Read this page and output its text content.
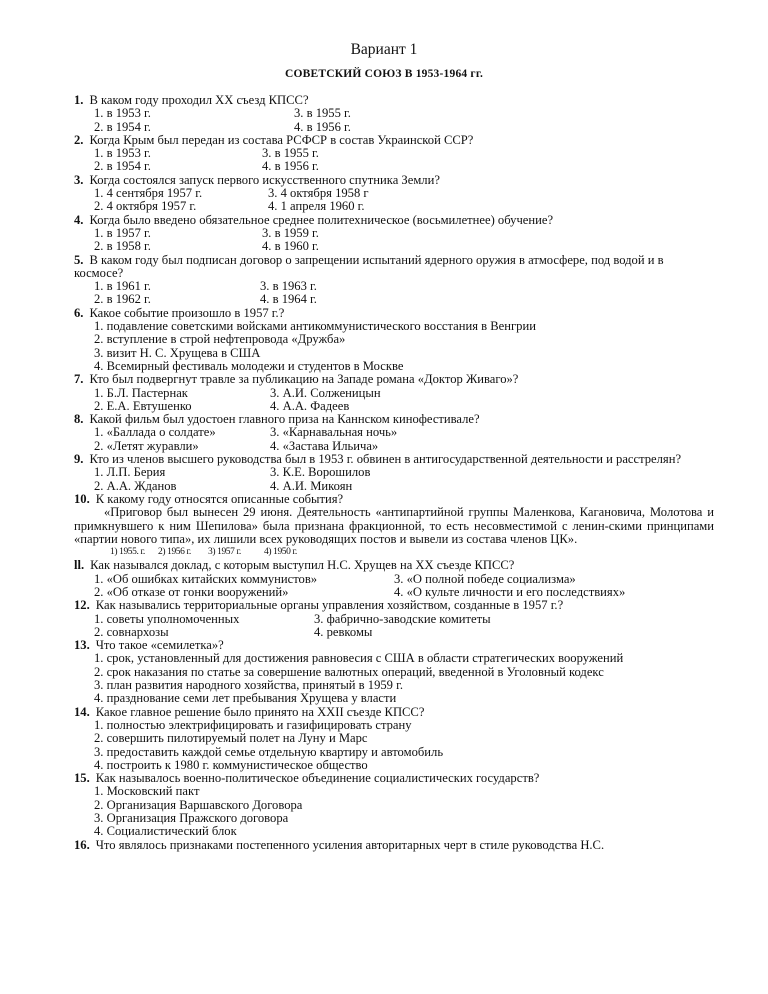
Вариант 1
СОВЕТСКИЙ СОЮЗ В 1953-1964 гг.
1. В каком году проходил XX съезд КПСС?
1. в 1953 г.	3. в 1955 г.
2. в 1954 г.	4. в 1956 г.
2. Когда Крым был передан из состава РСФСР в состав Украинской ССР?
1. в 1953 г.	3. в 1955 г.
2. в 1954 г.	4. в 1956 г.
3. Когда состоялся запуск первого искусственного спутника Земли?
1. 4 сентября 1957 г.	3. 4 октября 1958 г
2. 4 октября 1957 г.	4. 1 апреля 1960 г.
4. Когда было введено обязательное среднее политехническое (восьмилетнее) обучение?
1. в 1957 г.	3. в 1959 г.
2. в 1958 г.	4. в 1960 г.
5. В каком году был подписан договор о запрещении испытаний ядерного оружия в атмосфере, под водой и в космосе?
1. в 1961 г.	3. в 1963 г.
2. в 1962 г.	4. в 1964 г.
6. Какое событие произошло в 1957 г.?
1. подавление советскими войсками антикоммунистического восстания в Венгрии
2. вступление в строй нефтепровода «Дружба»
3. визит Н. С. Хрущева в США
4. Всемирный фестиваль молодежи и студентов в Москве
7. Кто был подвергнут травле за публикацию на Западе романа «Доктор Живаго»?
1. Б.Л. Пастернак	3. А.И. Солженицын
2. Е.А. Евтушенко	4. А.А. Фадеев
8. Какой фильм был удостоен главного приза на Каннском кинофестивале?
1. «Баллада о солдате»	3. «Карнавальная ночь»
2. «Летят журавли»	4. «Застава Ильича»
9. Кто из членов высшего руководства был в 1953 г. обвинен в антигосударственной деятельности и расстрелян?
1. Л.П. Берия	3. К.Е. Ворошилов
2. А.А. Жданов	4. А.И. Микоян
10. К какому году относятся описанные события?
«Приговор был вынесен 29 июня. Деятельность «антипартийной группы Маленкова, Кагановича, Молотова и примкнувшего к ним Шепилова» была признана фракционной, то есть несовместимой с ленин-скими принципами «партии нового типа», их лишили всех руководящих постов и вывели из состава членов ЦК».
1) 1955. г. 2) 1956 г. 3) 1957 г. 4) 1950 г.
ll. Как назывался доклад, с которым выступил Н.С. Хрущев на XX съезде КПСС?
1. «Об ошибках китайских коммунистов»	3. «О полной победе социализма»
2. «Об отказе от гонки вооружений»	4. «О культе личности и его последствиях»
12. Как назывались территориальные органы управления хозяйством, созданные в 1957 г.?
1. советы уполномоченных	3. фабрично-заводские комитеты
2. совнархозы	4. ревкомы
13. Что такое «семилетка»?
1. срок, установленный для достижения равновесия с США в области стратегических вооружений
2. срок наказания по статье за совершение валютных операций, введенной в Уголовный кодекс
3. план развития народного хозяйства, принятый в 1959 г.
4. празднование семи лет пребывания Хрущева у власти
14. Какое главное решение было принято на XXII съезде КПСС?
1. полностью электрифицировать и газифицировать страну
2. совершить пилотируемый полет на Луну и Марс
3. предоставить каждой семье отдельную квартиру и автомобиль
4. построить к 1980 г. коммунистическое общество
15. Как называлось военно-политическое объединение социалистических государств?
1. Московский пакт
2. Организация Варшавского Договора
3. Организация Пражского договора
4. Социалистический блок
16. Что являлось признаками постепенного усиления авторитарных черт в стиле руководства Н.С.
